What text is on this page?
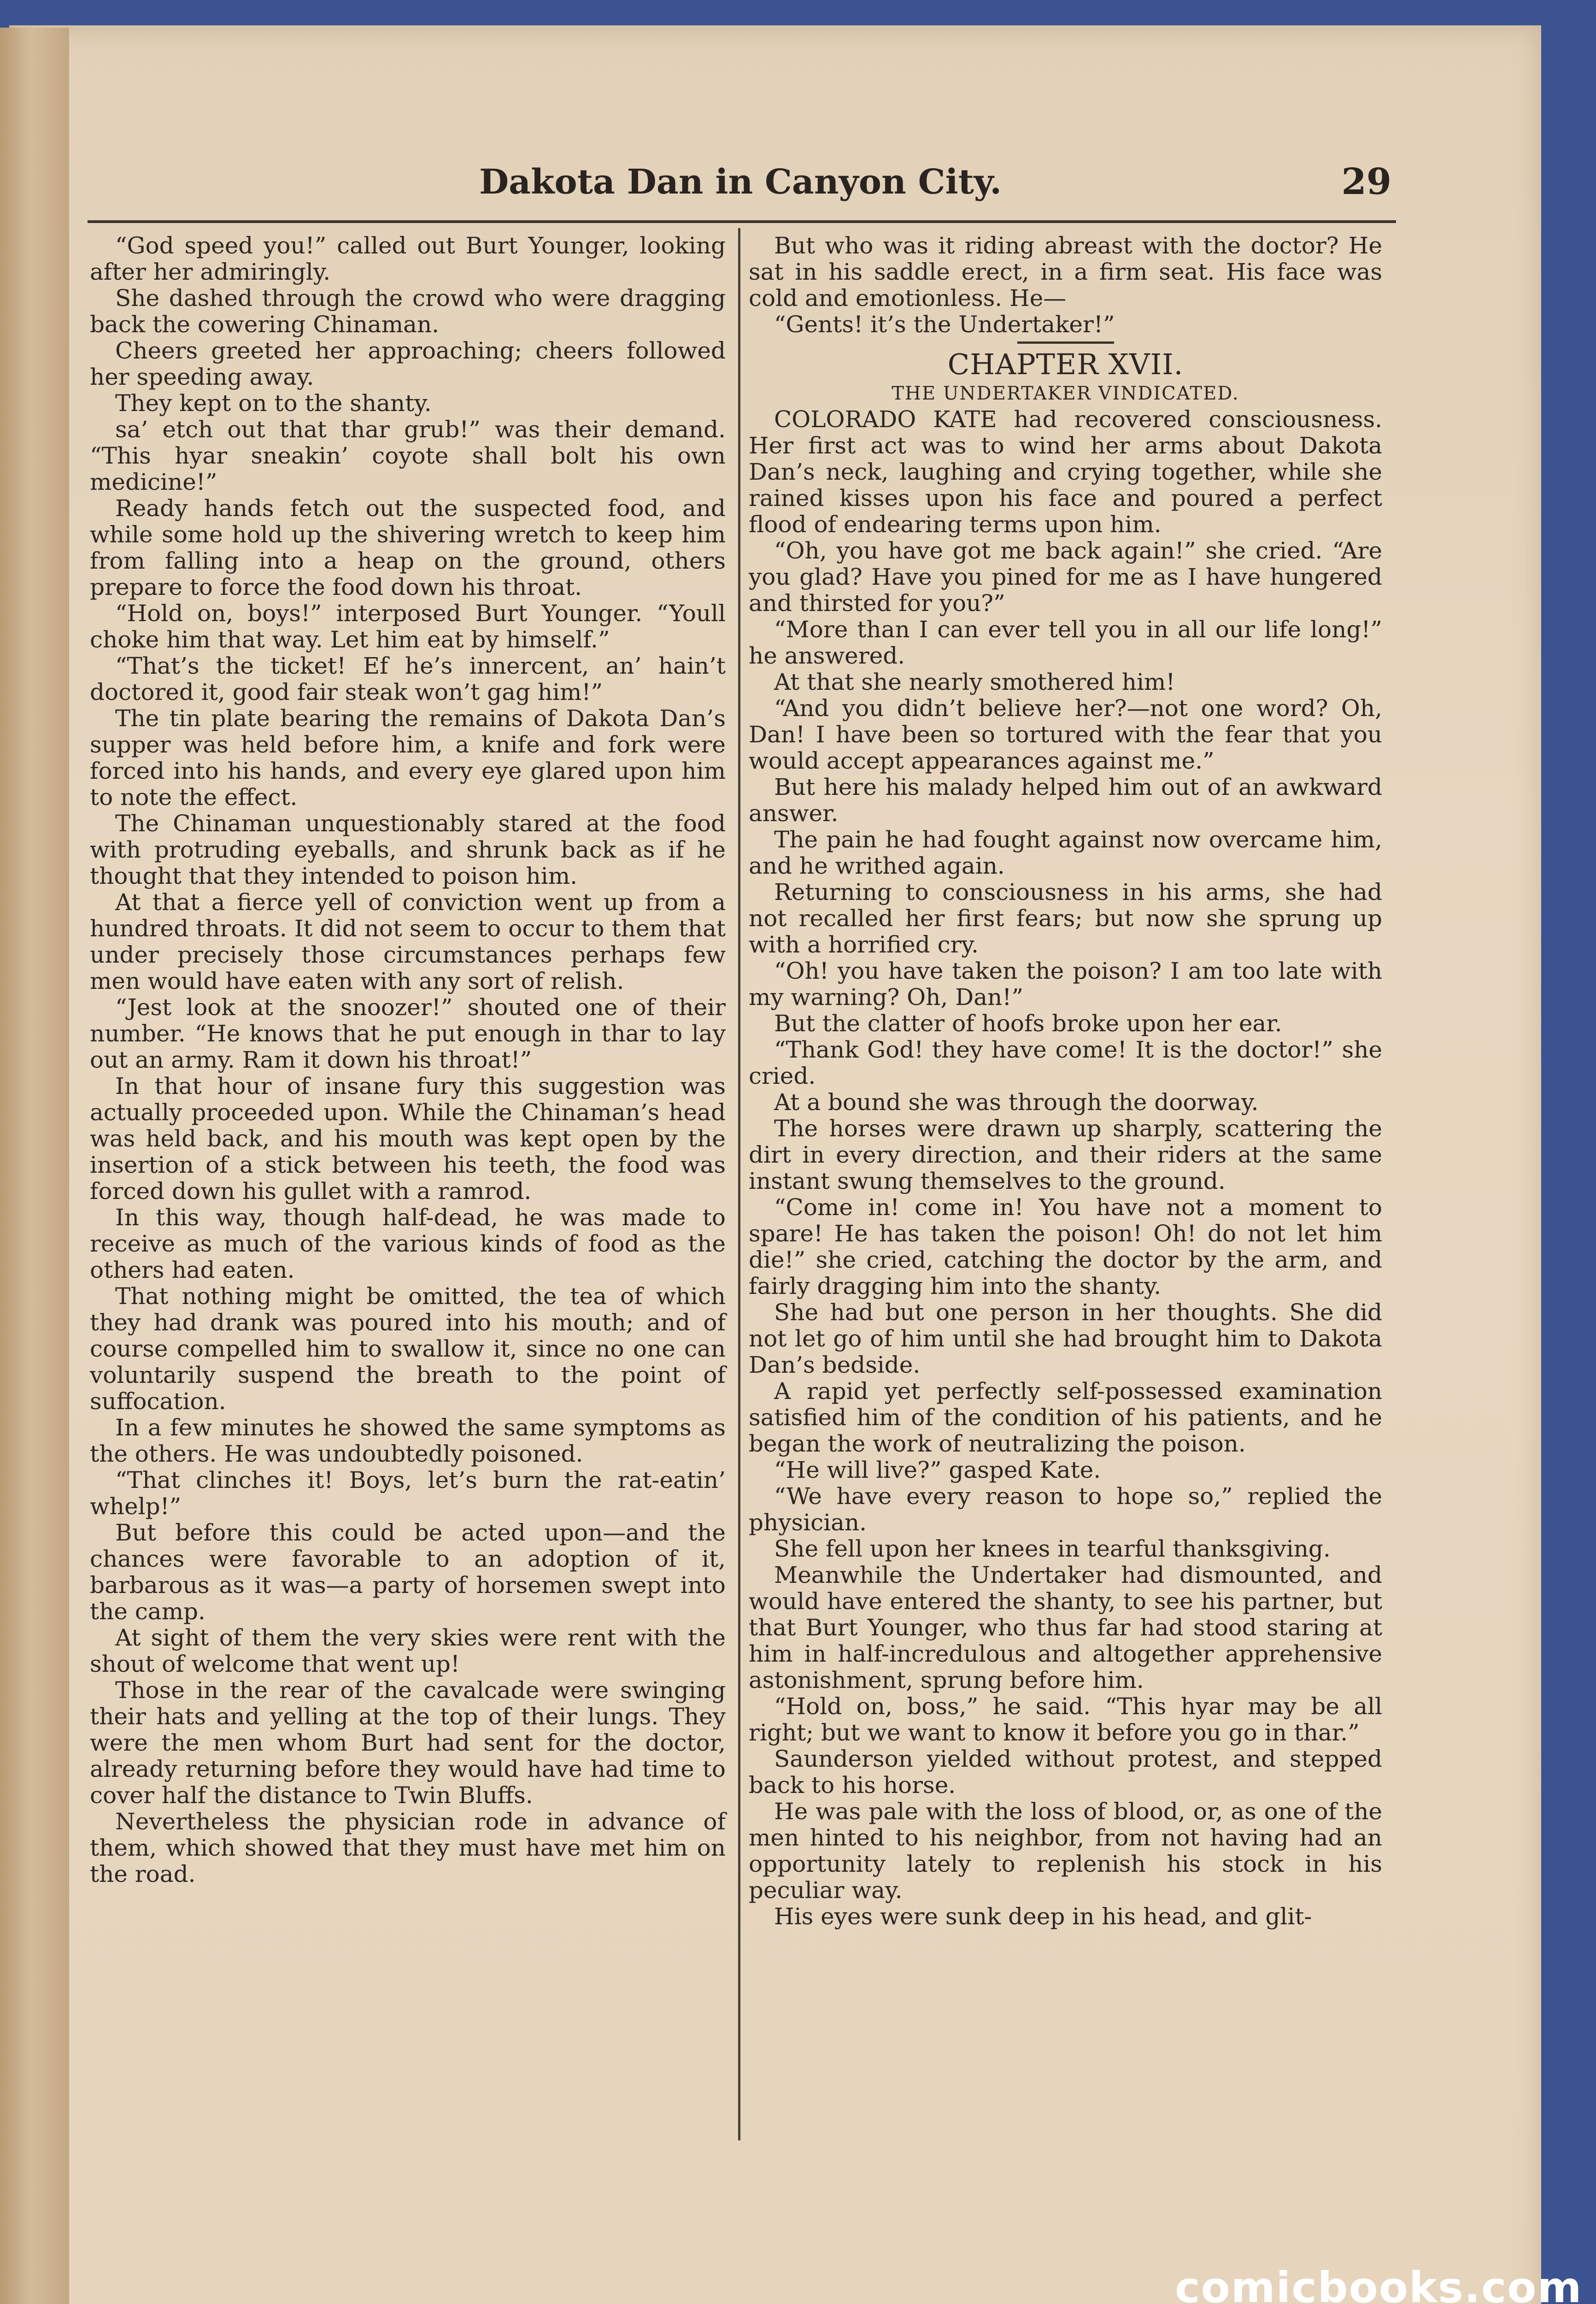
Dakota Dan in Canyon City.	29

“God speed you!” called out Burt Younger, looking after her admiringly.

She dashed through the crowd who were dragging back the cowering Chinaman.

Cheers greeted her approaching; cheers followed her speeding away.

They kept on to the shanty.

sa’ etch out that thar grub!” was their demand. “This hyar sneakin’ coyote shall bolt his own medicine!”

Ready hands fetch out the suspected food, and while some hold up the shivering wretch to keep him from falling into a heap on the ground, others prepare to force the food down his throat.

“Hold on, boys!” interposed Burt Younger. “Youll choke him that way. Let him eat by himself.”

“That’s the ticket! Ef he’s innercent, an’ hain’t doctored it, good fair steak won’t gag him!”

The tin plate bearing the remains of Dakota Dan’s supper was held before him, a knife and fork were forced into his hands, and every eye glared upon him to note the effect.

The Chinaman unquestionably stared at the food with protruding eyeballs, and shrunk back as if he thought that they intended to poison him.

At that a fierce yell of conviction went up from a hundred throats. It did not seem to occur to them that under precisely those circumstances perhaps few men would have eaten with any sort of relish.

“Jest look at the snoozer!” shouted one of their number. “He knows that he put enough in thar to lay out an army. Ram it down his throat!”

In that hour of insane fury this suggestion was actually proceeded upon. While the Chinaman’s head was held back, and his mouth was kept open by the insertion of a stick between his teeth, the food was forced down his gullet with a ramrod.

In this way, though half-dead, he was made to receive as much of the various kinds of food as the others had eaten.

That nothing might be omitted, the tea of which they had drank was poured into his mouth; and of course compelled him to swallow it, since no one can voluntarily suspend the breath to the point of suffocation.

In a few minutes he showed the same symptoms as the others. He was undoubtedly poisoned.

“That clinches it! Boys, let’s burn the rat-eatin’ whelp!”

But before this could be acted upon—and the chances were favorable to an adoption of it, barbarous as it was—a party of horsemen swept into the camp.

At sight of them the very skies were rent with the shout of welcome that went up!

Those in the rear of the cavalcade were swinging their hats and yelling at the top of their lungs. They were the men whom Burt had sent for the doctor, already returning before they would have had time to cover half the distance to Twin Bluffs.

Nevertheless the physician rode in advance of them, which showed that they must have met him on the road.

But who was it riding abreast with the doctor? He sat in his saddle erect, in a firm seat. His face was cold and emotionless. He—

“Gents! it’s the Undertaker!”

CHAPTER XVII.

THE UNDERTAKER VINDICATED.

COLORADO KATE had recovered consciousness. Her first act was to wind her arms about Dakota Dan’s neck, laughing and crying together, while she rained kisses upon his face and poured a perfect flood of endearing terms upon him.

“Oh, you have got me back again!” she cried. “Are you glad? Have you pined for me as I have hungered and thirsted for you?”

“More than I can ever tell you in all our life long!” he answered.

At that she nearly smothered him!

“And you didn’t believe her?—not one word? Oh, Dan! I have been so tortured with the fear that you would accept appearances against me.”

But here his malady helped him out of an awkward answer.

The pain he had fought against now overcame him, and he writhed again.

Returning to consciousness in his arms, she had not recalled her first fears; but now she sprung up with a horrified cry.

“Oh! you have taken the poison? I am too late with my warning? Oh, Dan!”

But the clatter of hoofs broke upon her ear.

“Thank God! they have come! It is the doctor!” she cried.

At a bound she was through the doorway.

The horses were drawn up sharply, scattering the dirt in every direction, and their riders at the same instant swung themselves to the ground.

“Come in! come in! You have not a moment to spare! He has taken the poison! Oh! do not let him die!” she cried, catching the doctor by the arm, and fairly dragging him into the shanty.

She had but one person in her thoughts. She did not let go of him until she had brought him to Dakota Dan’s bedside.

A rapid yet perfectly self-possessed examination satisfied him of the condition of his patients, and he began the work of neutralizing the poison.

“He will live?” gasped Kate.

“We have every reason to hope so,” replied the physician.

She fell upon her knees in tearful thanksgiving.

Meanwhile the Undertaker had dismounted, and would have entered the shanty, to see his partner, but that Burt Younger, who thus far had stood staring at him in half-incredulous and altogether apprehensive astonishment, sprung before him.

“Hold on, boss,” he said. “This hyar may be all right; but we want to know it before you go in thar.”

Saunderson yielded without protest, and stepped back to his horse.

He was pale with the loss of blood, or, as one of the men hinted to his neighbor, from not having had an opportunity lately to replenish his stock in his peculiar way.

His eyes were sunk deep in his head, and glit-

comicbooks.com
